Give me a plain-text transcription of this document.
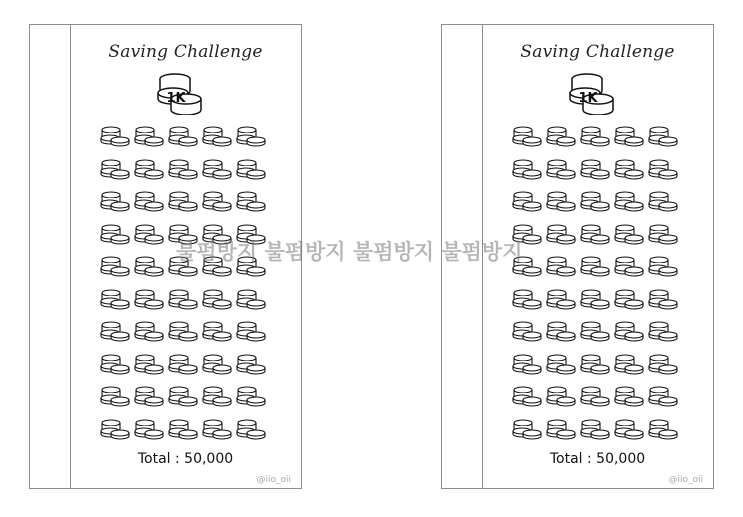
Saving Challenge
1K
Total : 50,000
@iio_oii
Saving Challenge
1K
Total : 50,000
@iio_oii
불펌방지 불펌방지 불펌방지 불펌방지
